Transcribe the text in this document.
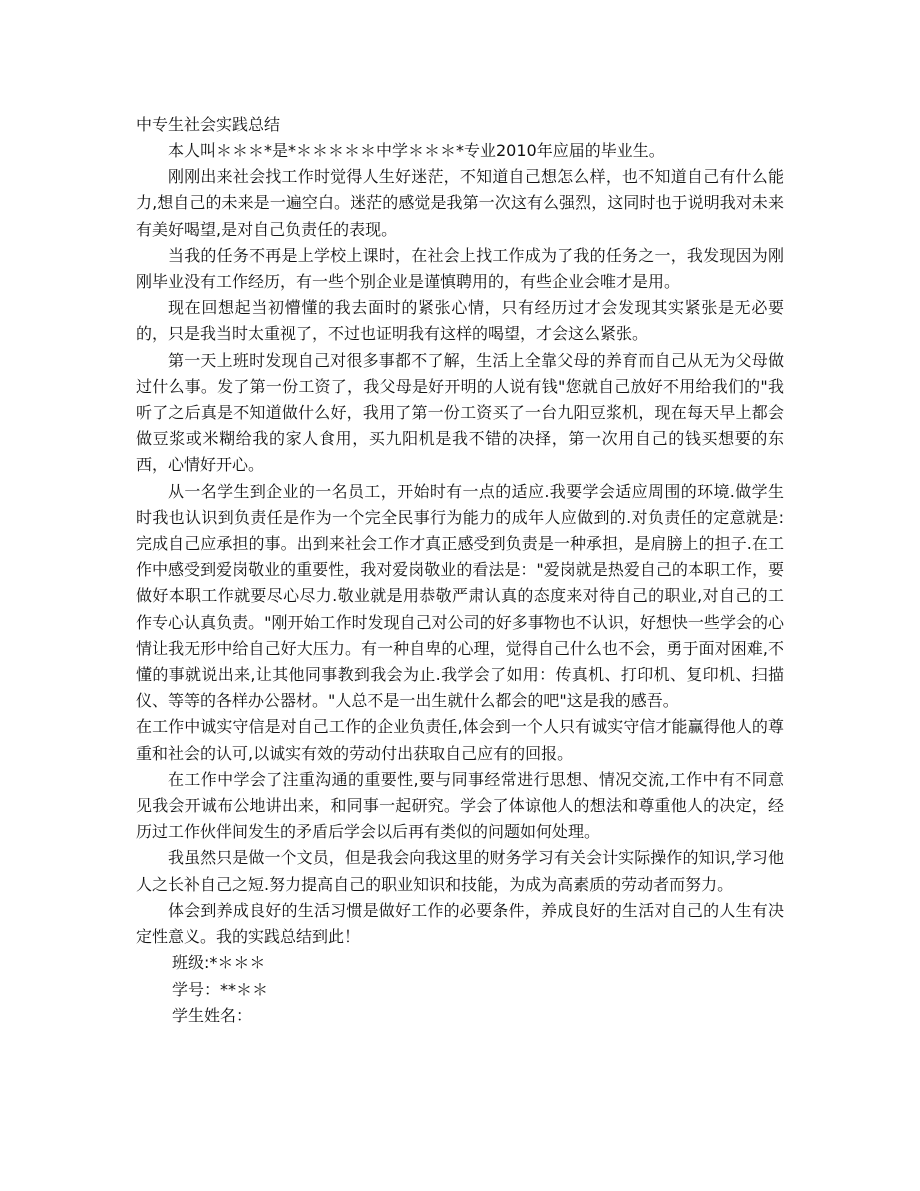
中专生社会实践总结

本人叫＊＊＊*是*＊＊＊＊＊中学＊＊＊*专业2010年应届的毕业生。

刚刚出来社会找工作时觉得人生好迷茫，不知道自己想怎么样，也不知道自己有什么能力,想自己的未来是一遍空白。迷茫的感觉是我第一次这有么强烈，这同时也于说明我对未来有美好喝望,是对自己负责任的表现。

当我的任务不再是上学校上课时，在社会上找工作成为了我的任务之一，我发现因为刚刚毕业没有工作经历，有一些个别企业是谨慎聘用的，有些企业会唯才是用。

现在回想起当初懵懂的我去面时的紧张心情，只有经历过才会发现其实紧张是无必要的，只是我当时太重视了，不过也证明我有这样的喝望，才会这么紧张。

第一天上班时发现自己对很多事都不了解，生活上全靠父母的养育而自己从无为父母做过什么事。发了第一份工资了，我父母是好开明的人说有钱"您就自己放好不用给我们的"我听了之后真是不知道做什么好，我用了第一份工资买了一台九阳豆浆机，现在每天早上都会做豆浆或米糊给我的家人食用，买九阳机是我不错的决择，第一次用自己的钱买想要的东西，心情好开心。

从一名学生到企业的一名员工，开始时有一点的适应.我要学会适应周围的环境.做学生时我也认识到负责任是作为一个完全民事行为能力的成年人应做到的.对负责任的定意就是:完成自己应承担的事。出到来社会工作才真正感受到负责是一种承担，是肩膀上的担子.在工作中感受到爱岗敬业的重要性，我对爱岗敬业的看法是："爱岗就是热爱自己的本职工作，要做好本职工作就要尽心尽力.敬业就是用恭敬严肃认真的态度来对待自己的职业,对自己的工作专心认真负责。"刚开始工作时发现自己对公司的好多事物也不认识，好想快一些学会的心情让我无形中给自己好大压力。有一种自卑的心理，觉得自己什么也不会，勇于面对困难,不懂的事就说出来,让其他同事教到我会为止.我学会了如用：传真机、打印机、复印机、扫描仪、等等的各样办公器材。"人总不是一出生就什么都会的吧"这是我的感吾。

在工作中诚实守信是对自己工作的企业负责任,体会到一个人只有诚实守信才能赢得他人的尊重和社会的认可,以诚实有效的劳动付出获取自己应有的回报。

在工作中学会了注重沟通的重要性,要与同事经常进行思想、情况交流,工作中有不同意见我会开诚布公地讲出来，和同事一起研究。学会了体谅他人的想法和尊重他人的决定，经历过工作伙伴间发生的矛盾后学会以后再有类似的问题如何处理。

我虽然只是做一个文员，但是我会向我这里的财务学习有关会计实际操作的知识,学习他人之长补自己之短.努力提高自己的职业知识和技能，为成为高素质的劳动者而努力。

体会到养成良好的生活习惯是做好工作的必要条件，养成良好的生活对自己的人生有决定性意义。我的实践总结到此！

班级:*＊＊＊

学号：**＊＊

学生姓名：
